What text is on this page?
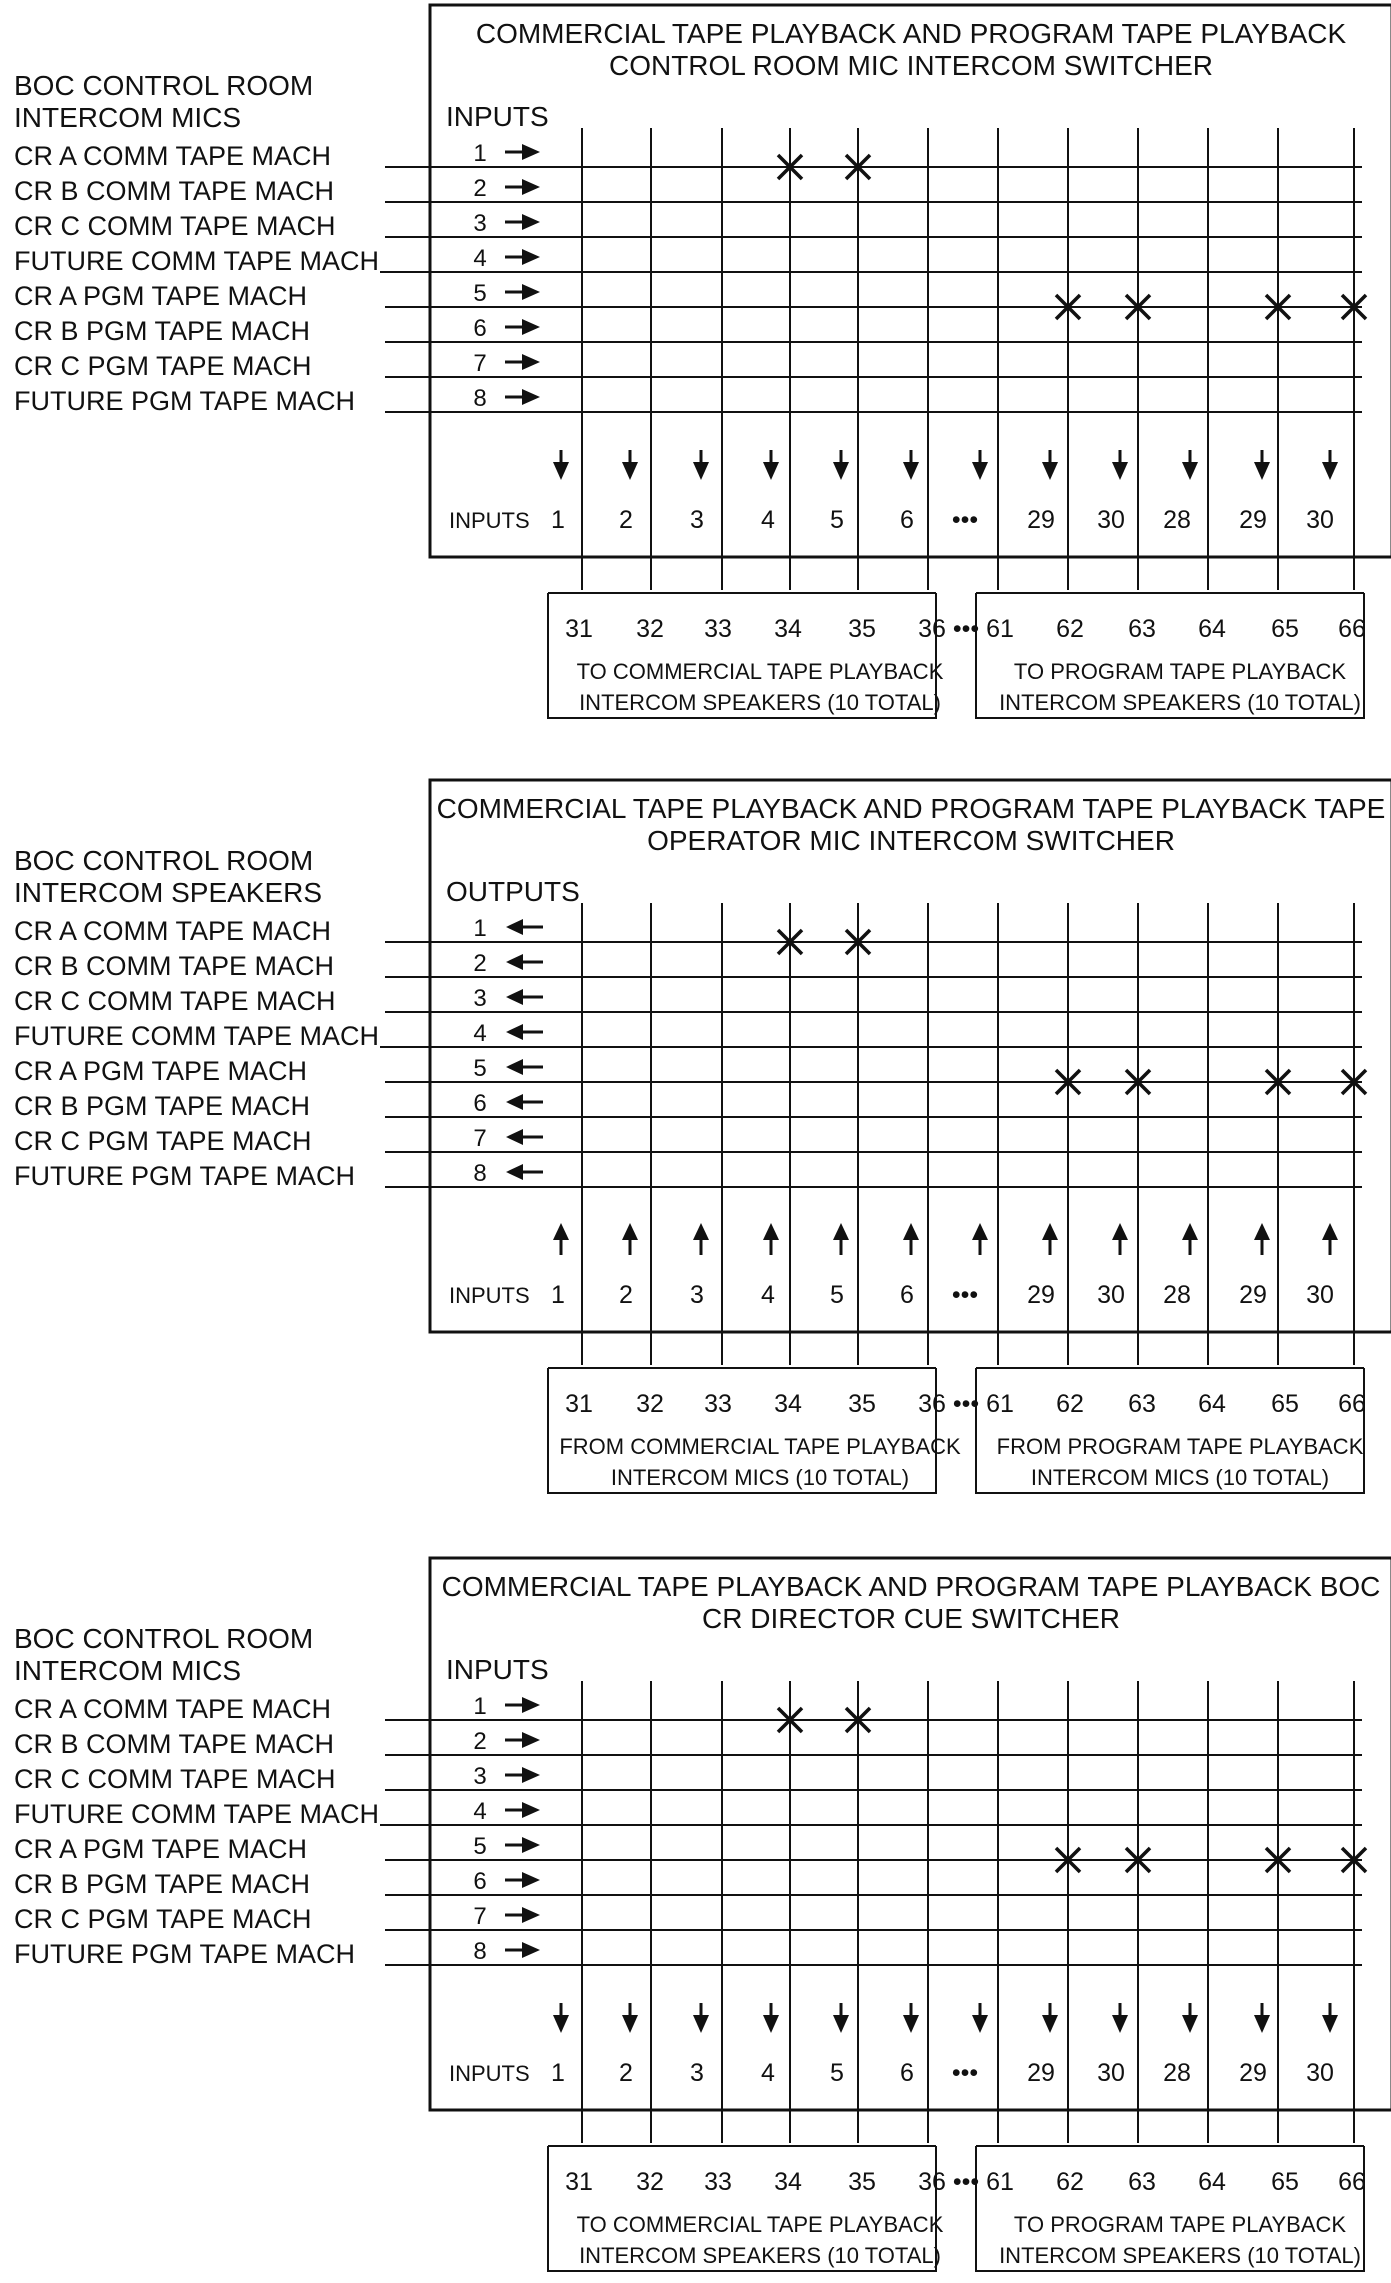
COMMERCIAL TAPE PLAYBACK AND PROGRAM TAPE PLAYBACK
CONTROL ROOM MIC INTERCOM SWITCHER
BOC CONTROL ROOM
INTERCOM MICS	INPUTS
CR A COMM TAPE MACH	1
CR B COMM TAPE MACH	2
CR C COMM TAPE MACH	3
FUTURE COMM TAPE MACH	4
CR A PGM TAPE MACH	5
CR B PGM TAPE MACH	6
CR C PGM TAPE MACH	7
FUTURE PGM TAPE MACH	8
INPUTS 1 2 3 4 5 6 ••• 29 30 28 29 30
31 32 33 34 35 36 ••• 61 62 63 64 65 66
TO COMMERCIAL TAPE PLAYBACK
INTERCOM SPEAKERS (10 TOTAL)
TO PROGRAM TAPE PLAYBACK
INTERCOM SPEAKERS (10 TOTAL)
COMMERCIAL TAPE PLAYBACK AND PROGRAM TAPE PLAYBACK TAPE
OPERATOR MIC INTERCOM SWITCHER
BOC CONTROL ROOM
INTERCOM SPEAKERS	OUTPUTS
CR A COMM TAPE MACH	1
CR B COMM TAPE MACH	2
CR C COMM TAPE MACH	3
FUTURE COMM TAPE MACH	4
CR A PGM TAPE MACH	5
CR B PGM TAPE MACH	6
CR C PGM TAPE MACH	7
FUTURE PGM TAPE MACH	8
INPUTS 1 2 3 4 5 6 ••• 29 30 28 29 30
31 32 33 34 35 36 ••• 61 62 63 64 65 66
FROM COMMERCIAL TAPE PLAYBACK
INTERCOM MICS (10 TOTAL)
FROM PROGRAM TAPE PLAYBACK
INTERCOM MICS (10 TOTAL)
COMMERCIAL TAPE PLAYBACK AND PROGRAM TAPE PLAYBACK BOC
CR DIRECTOR CUE SWITCHER
BOC CONTROL ROOM
INTERCOM MICS	INPUTS
CR A COMM TAPE MACH	1
CR B COMM TAPE MACH	2
CR C COMM TAPE MACH	3
FUTURE COMM TAPE MACH	4
CR A PGM TAPE MACH	5
CR B PGM TAPE MACH	6
CR C PGM TAPE MACH	7
FUTURE PGM TAPE MACH	8
INPUTS 1 2 3 4 5 6 ••• 29 30 28 29 30
31 32 33 34 35 36 ••• 61 62 63 64 65 66
TO COMMERCIAL TAPE PLAYBACK
INTERCOM SPEAKERS (10 TOTAL)
TO PROGRAM TAPE PLAYBACK
INTERCOM SPEAKERS (10 TOTAL)
